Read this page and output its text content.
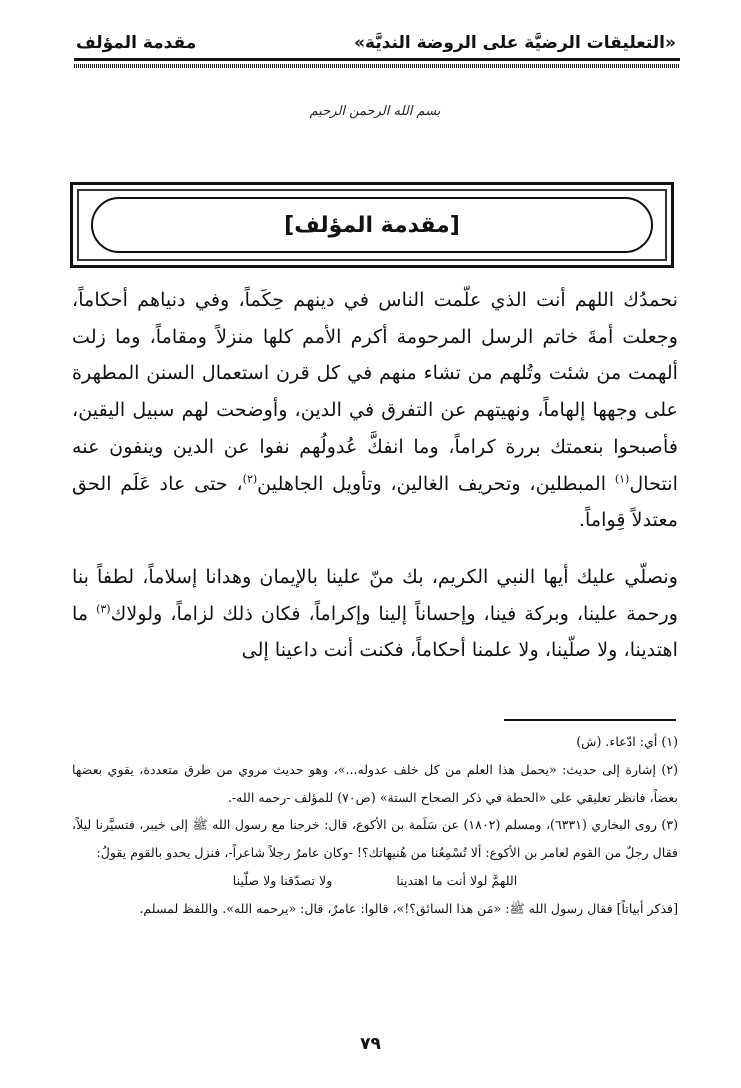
«التعليقات الرضيَّة على الروضة النديَّة»
مقدمة المؤلف
بسم الله الرحمن الرحيم
[مقدمة المؤلف]

نحمدُك اللهم أنت الذي علّمت الناس في دينهم حِكَماً، وفي دنياهم أحكاماً، وجعلت أمةَ خاتم الرسل المرحومة أكرم الأمم كلها منزلاً ومقاماً، وما زلت ألهمت من شئت وتُلهم من تشاء منهم في كل قرن استعمال السنن المطهرة على وجهها إلهاماً، ونهيتهم عن التفرق في الدين، وأوضحت لهم سبيل اليقين، فأصبحوا بنعمتك بررة كراماً، وما انفكَّ عُدولُهم نفوا عن الدين وينفون عنه انتحال$^{(١)}$ المبطلين، وتحريف الغالين، وتأويل الجاهلين$^{(٢)}$، حتى عاد عَلَم الحق معتدلاً قِواماً.

ونصلّي عليك أيها النبي الكريم، بك منّ علينا بالإيمان وهدانا إسلاماً، لطفاً بنا ورحمة علينا، وبركة فينا، وإحساناً إلينا وإكراماً، فكان ذلك لزاماً، ولولاك$^{(٣)}$ ما اهتدينا، ولا صلّينا، ولا علمنا أحكاماً، فكنت أنت داعينا إلى

(١) أي: ادّعاء. (ش)

(٢) إشارة إلى حديث: «يحمل هذا العلم من كل خلف عدوله...»، وهو حديث مروي من طرق متعددة، يقوي بعضها بعضاً، فانظر تعليقي على «الحطة في ذكر الصحاح الستة» (ص٧٠) للمؤلف -رحمه الله-.

(٣) روى البخاري (٦٣٣١)، ومسلم (١٨٠٢) عن سَلَمة بن الأكوع، قال: خرجنا مع رسول الله ﷺ إلى خيبر، فتسيَّرنا ليلاً، فقال رجلٌ من القوم لعامر بن الأكوع: ألا تُسْمِعُنا من هُنيهاتك؟! -وكان عامرٌ رجلاً شاعراً-، فنزل يحدو بالقوم يقولُ:

اللهمَّ لولا أنت ما اهتديناولا تصدّقنا ولا صلّينا

[فذكر أبياتاً] فقال رسول الله ﷺ: «مَن هذا السائق؟!»، قالوا: عامرٌ، قال: «يرحمه الله». واللفظ لمسلم.

٧٩
